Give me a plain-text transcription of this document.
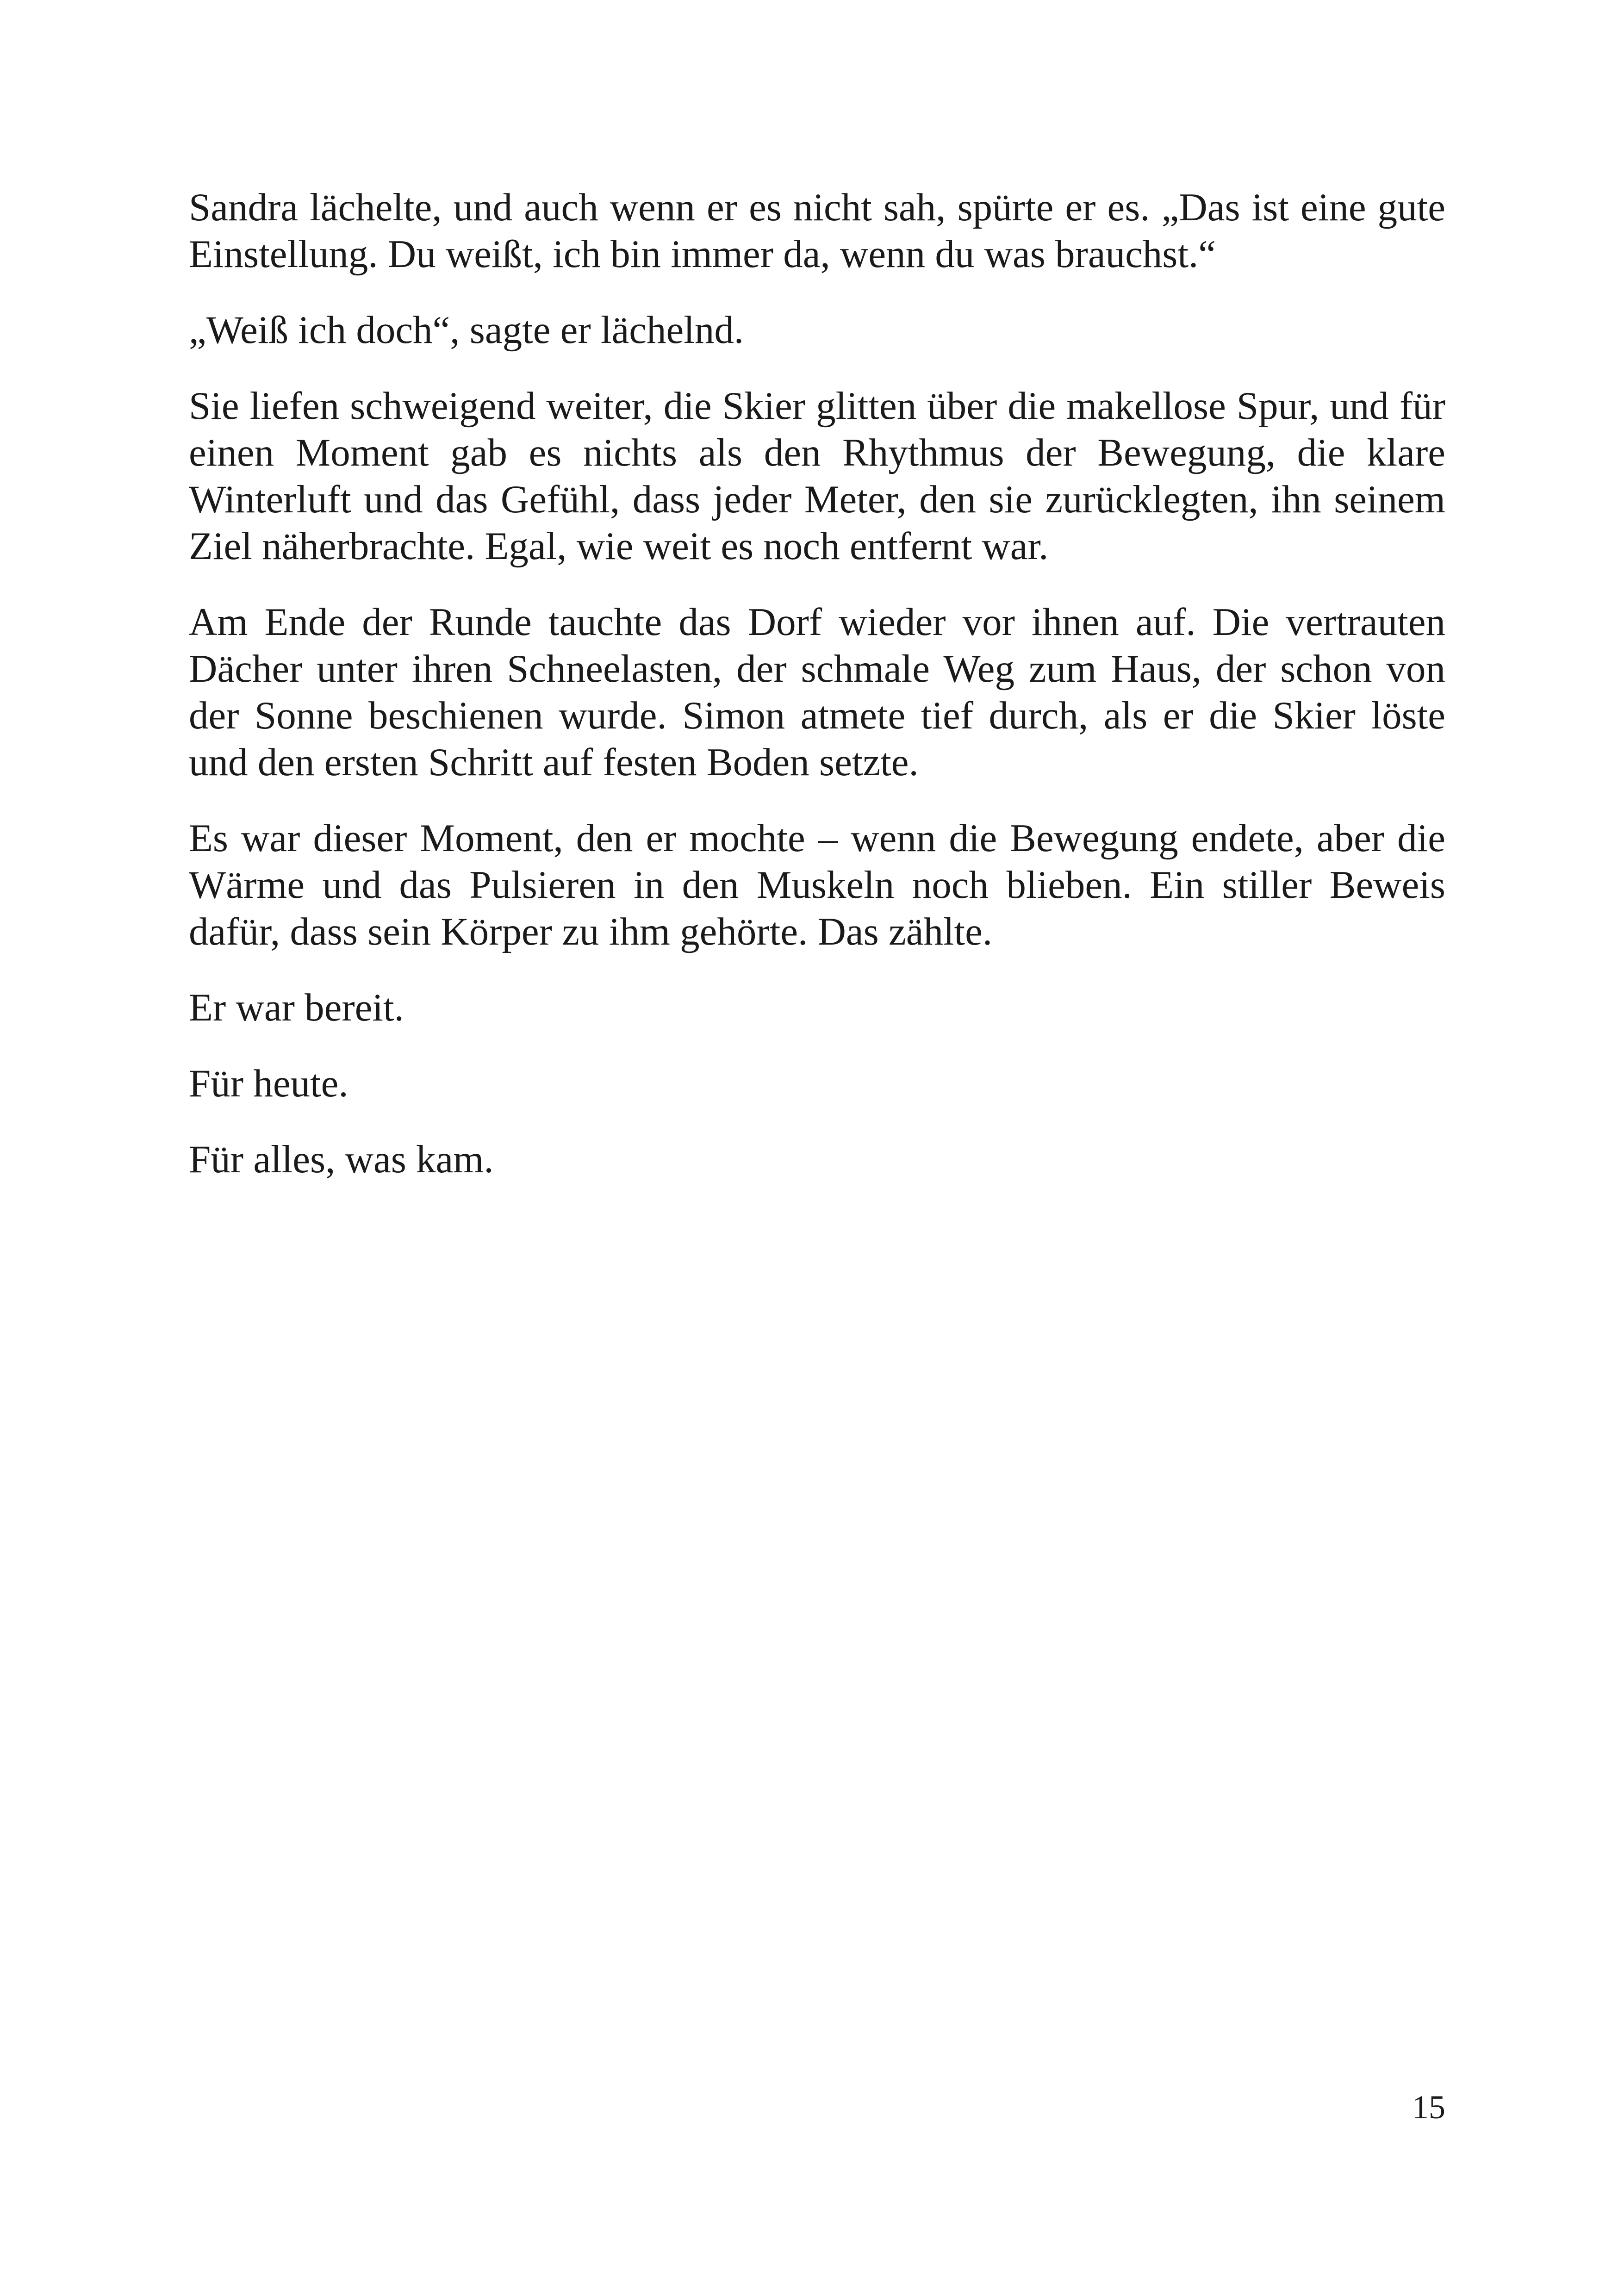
Sandra lächelte, und auch wenn er es nicht sah, spürte er es. „Das ist eine gute Einstellung. Du weißt, ich bin immer da, wenn du was brauchst.“

„Weiß ich doch“, sagte er lächelnd.

Sie liefen schweigend weiter, die Skier glitten über die makellose Spur, und für einen Moment gab es nichts als den Rhythmus der Bewegung, die klare Winterluft und das Gefühl, dass jeder Meter, den sie zurücklegten, ihn seinem Ziel näherbrachte. Egal, wie weit es noch entfernt war.

Am Ende der Runde tauchte das Dorf wieder vor ihnen auf. Die vertrauten Dächer unter ihren Schneelasten, der schmale Weg zum Haus, der schon von der Sonne beschienen wurde. Simon atmete tief durch, als er die Skier löste und den ersten Schritt auf festen Boden setzte.

Es war dieser Moment, den er mochte – wenn die Bewegung endete, aber die Wärme und das Pulsieren in den Muskeln noch blieben. Ein stiller Beweis dafür, dass sein Körper zu ihm gehörte. Das zählte.

Er war bereit.

Für heute.

Für alles, was kam.

15
